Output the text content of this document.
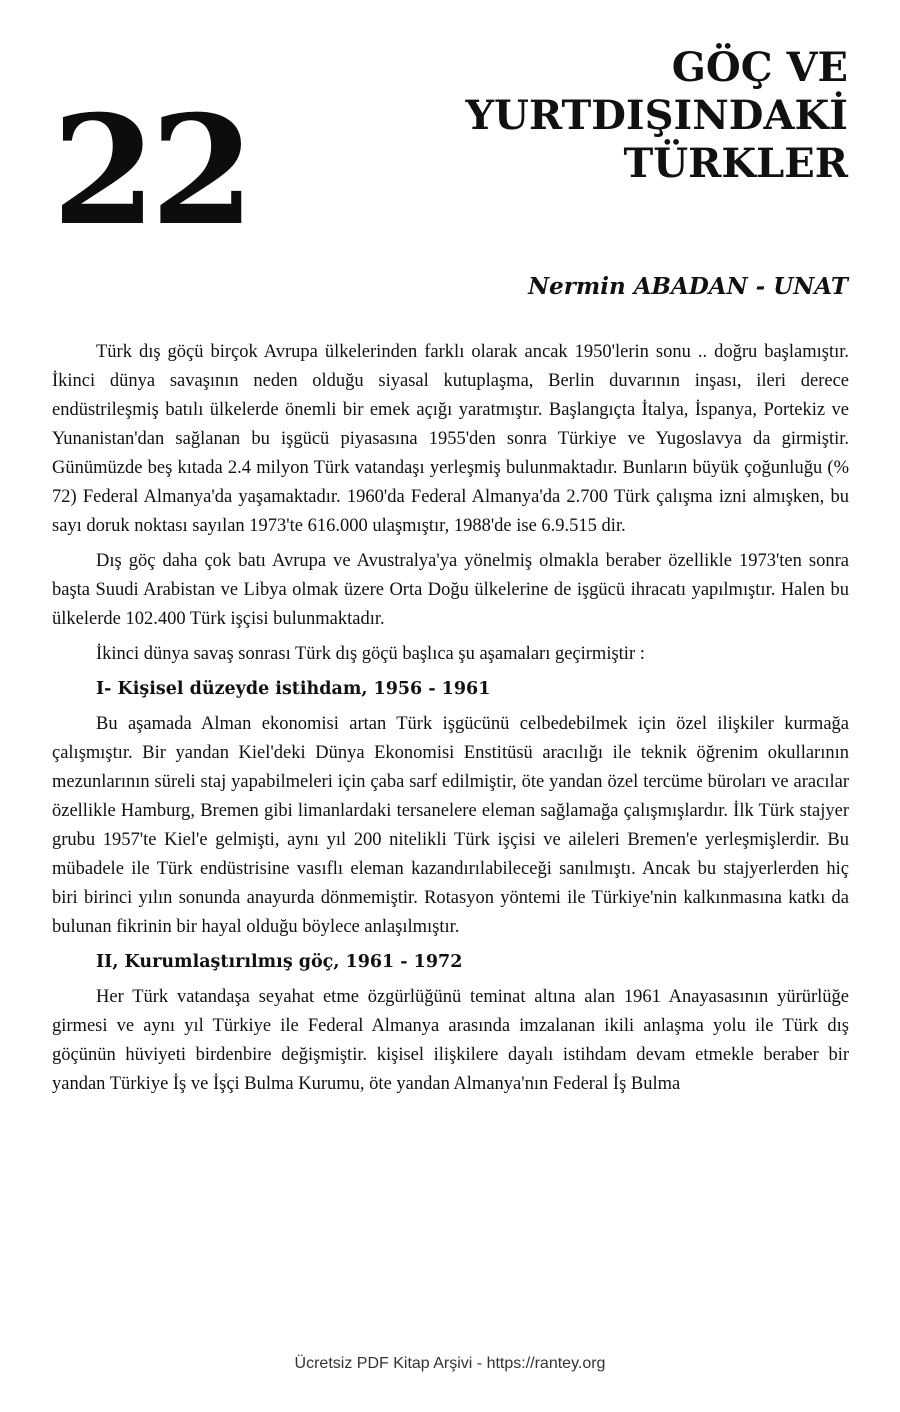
22
GÖÇ VE
YURTDIŞINDAKİ
TÜRKLER
Nermin ABADAN - UNAT

Türk dış göçü birçok Avrupa ülkelerinden farklı olarak ancak 1950'lerin sonu .. doğru başlamıştır. İkinci dünya savaşının neden olduğu siyasal kutuplaşma, Berlin duvarının inşası, ileri derece endüstrileşmiş batılı ülkelerde önemli bir emek açığı yaratmıştır. Başlangıçta İtalya, İspanya, Portekiz ve Yunanistan'dan sağlanan bu işgücü piyasasına 1955'den sonra Türkiye ve Yugoslavya da girmiştir. Günümüzde beş kıtada 2.4 milyon Türk vatandaşı yerleşmiş bulunmaktadır. Bunların büyük çoğunluğu (% 72) Federal Almanya'da yaşamaktadır. 1960'da Federal Almanya'da 2.700 Türk çalışma izni almışken, bu sayı doruk noktası sayılan 1973'te 616.000 ulaşmıştır, 1988'de ise 6.9.515 dir.

Dış göç daha çok batı Avrupa ve Avustralya'ya yönelmiş olmakla beraber özellikle 1973'ten sonra başta Suudi Arabistan ve Libya olmak üzere Orta Doğu ülkelerine de işgücü ihracatı yapılmıştır. Halen bu ülkelerde 102.400 Türk işçisi bulunmaktadır.

İkinci dünya savaş sonrası Türk dış göçü başlıca şu aşamaları geçirmiştir :

I- Kişisel düzeyde istihdam, 1956 - 1961

Bu aşamada Alman ekonomisi artan Türk işgücünü celbedebilmek için özel ilişkiler kurmağa çalışmıştır. Bir yandan Kiel'deki Dünya Ekonomisi Enstitüsü aracılığı ile teknik öğrenim okullarının mezunlarının süreli staj yapabilmeleri için çaba sarf edilmiştir, öte yandan özel tercüme büroları ve aracılar özellikle Hamburg, Bremen gibi limanlardaki tersanelere eleman sağlamağa çalışmışlardır. İlk Türk stajyer grubu 1957'te Kiel'e gelmişti, aynı yıl 200 nitelikli Türk işçisi ve aileleri Bremen'e yerleşmişlerdir. Bu mübadele ile Türk endüstrisine vasıflı eleman kazandırılabileceği sanılmıştı. Ancak bu stajyerlerden hiç biri birinci yılın sonunda anayurda dönmemiştir. Rotasyon yöntemi ile Türkiye'nin kalkınmasına katkı da bulunan fikrinin bir hayal olduğu böylece anlaşılmıştır.

II, Kurumlaştırılmış göç, 1961 - 1972

Her Türk vatandaşa seyahat etme özgürlüğünü teminat altına alan 1961 Anayasasının yürürlüğe girmesi ve aynı yıl Türkiye ile Federal Almanya arasında imzalanan ikili anlaşma yolu ile Türk dış göçünün hüviyeti birdenbire değişmiştir. kişisel ilişkilere dayalı istihdam devam etmekle beraber bir yandan Türkiye İş ve İşçi Bulma Kurumu, öte yandan Almanya'nın Federal İş Bulma

Ücretsiz PDF Kitap Arşivi - https://rantey.org
